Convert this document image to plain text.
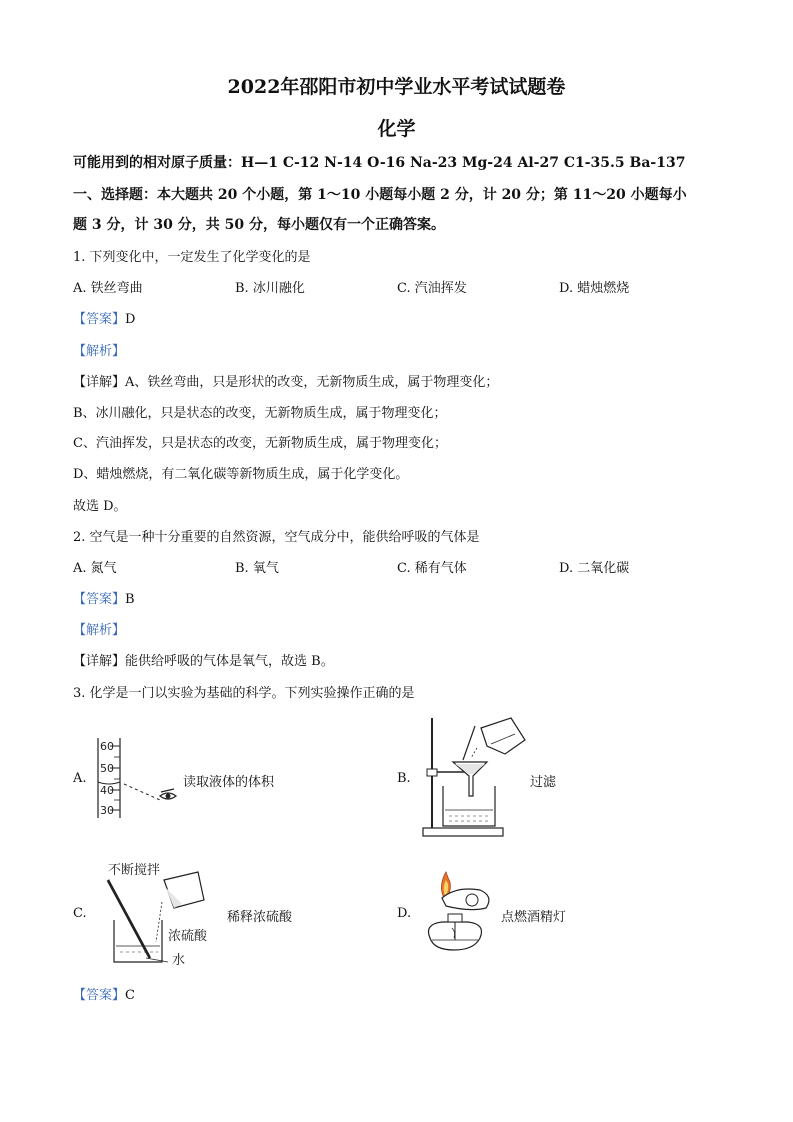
2022年邵阳市初中学业水平考试试题卷
化学
可能用到的相对原子质量：H—1 C-12 N-14 O-16 Na-23 Mg-24 Al-27 C1-35.5 Ba-137
一、选择题：本大题共 20 个小题，第 1～10 小题每小题 2 分，计 20 分；第 11～20 小题每小
题 3 分，计 30 分，共 50 分，每小题仅有一个正确答案。
1. 下列变化中，一定发生了化学变化的是
A. 铁丝弯曲	B. 冰川融化	C. 汽油挥发	D. 蜡烛燃烧
【答案】D
【解析】
【详解】A、铁丝弯曲，只是形状的改变，无新物质生成，属于物理变化；
B、冰川融化，只是状态的改变，无新物质生成，属于物理变化；
C、汽油挥发，只是状态的改变，无新物质生成，属于物理变化；
D、蜡烛燃烧，有二氧化碳等新物质生成，属于化学变化。
故选 D。
2. 空气是一种十分重要的自然资源，空气成分中，能供给呼吸的气体是
A. 氮气	B. 氧气	C. 稀有气体	D. 二氧化碳
【答案】B
【解析】
【详解】能供给呼吸的气体是氧气，故选 B。
3. 化学是一门以实验为基础的科学。下列实验操作正确的是
A.
60
50
40
30
读取液体的体积	B.	过滤
C.
不断搅拌
浓硫酸
水
稀释浓硫酸	D.	点燃酒精灯
【答案】C
